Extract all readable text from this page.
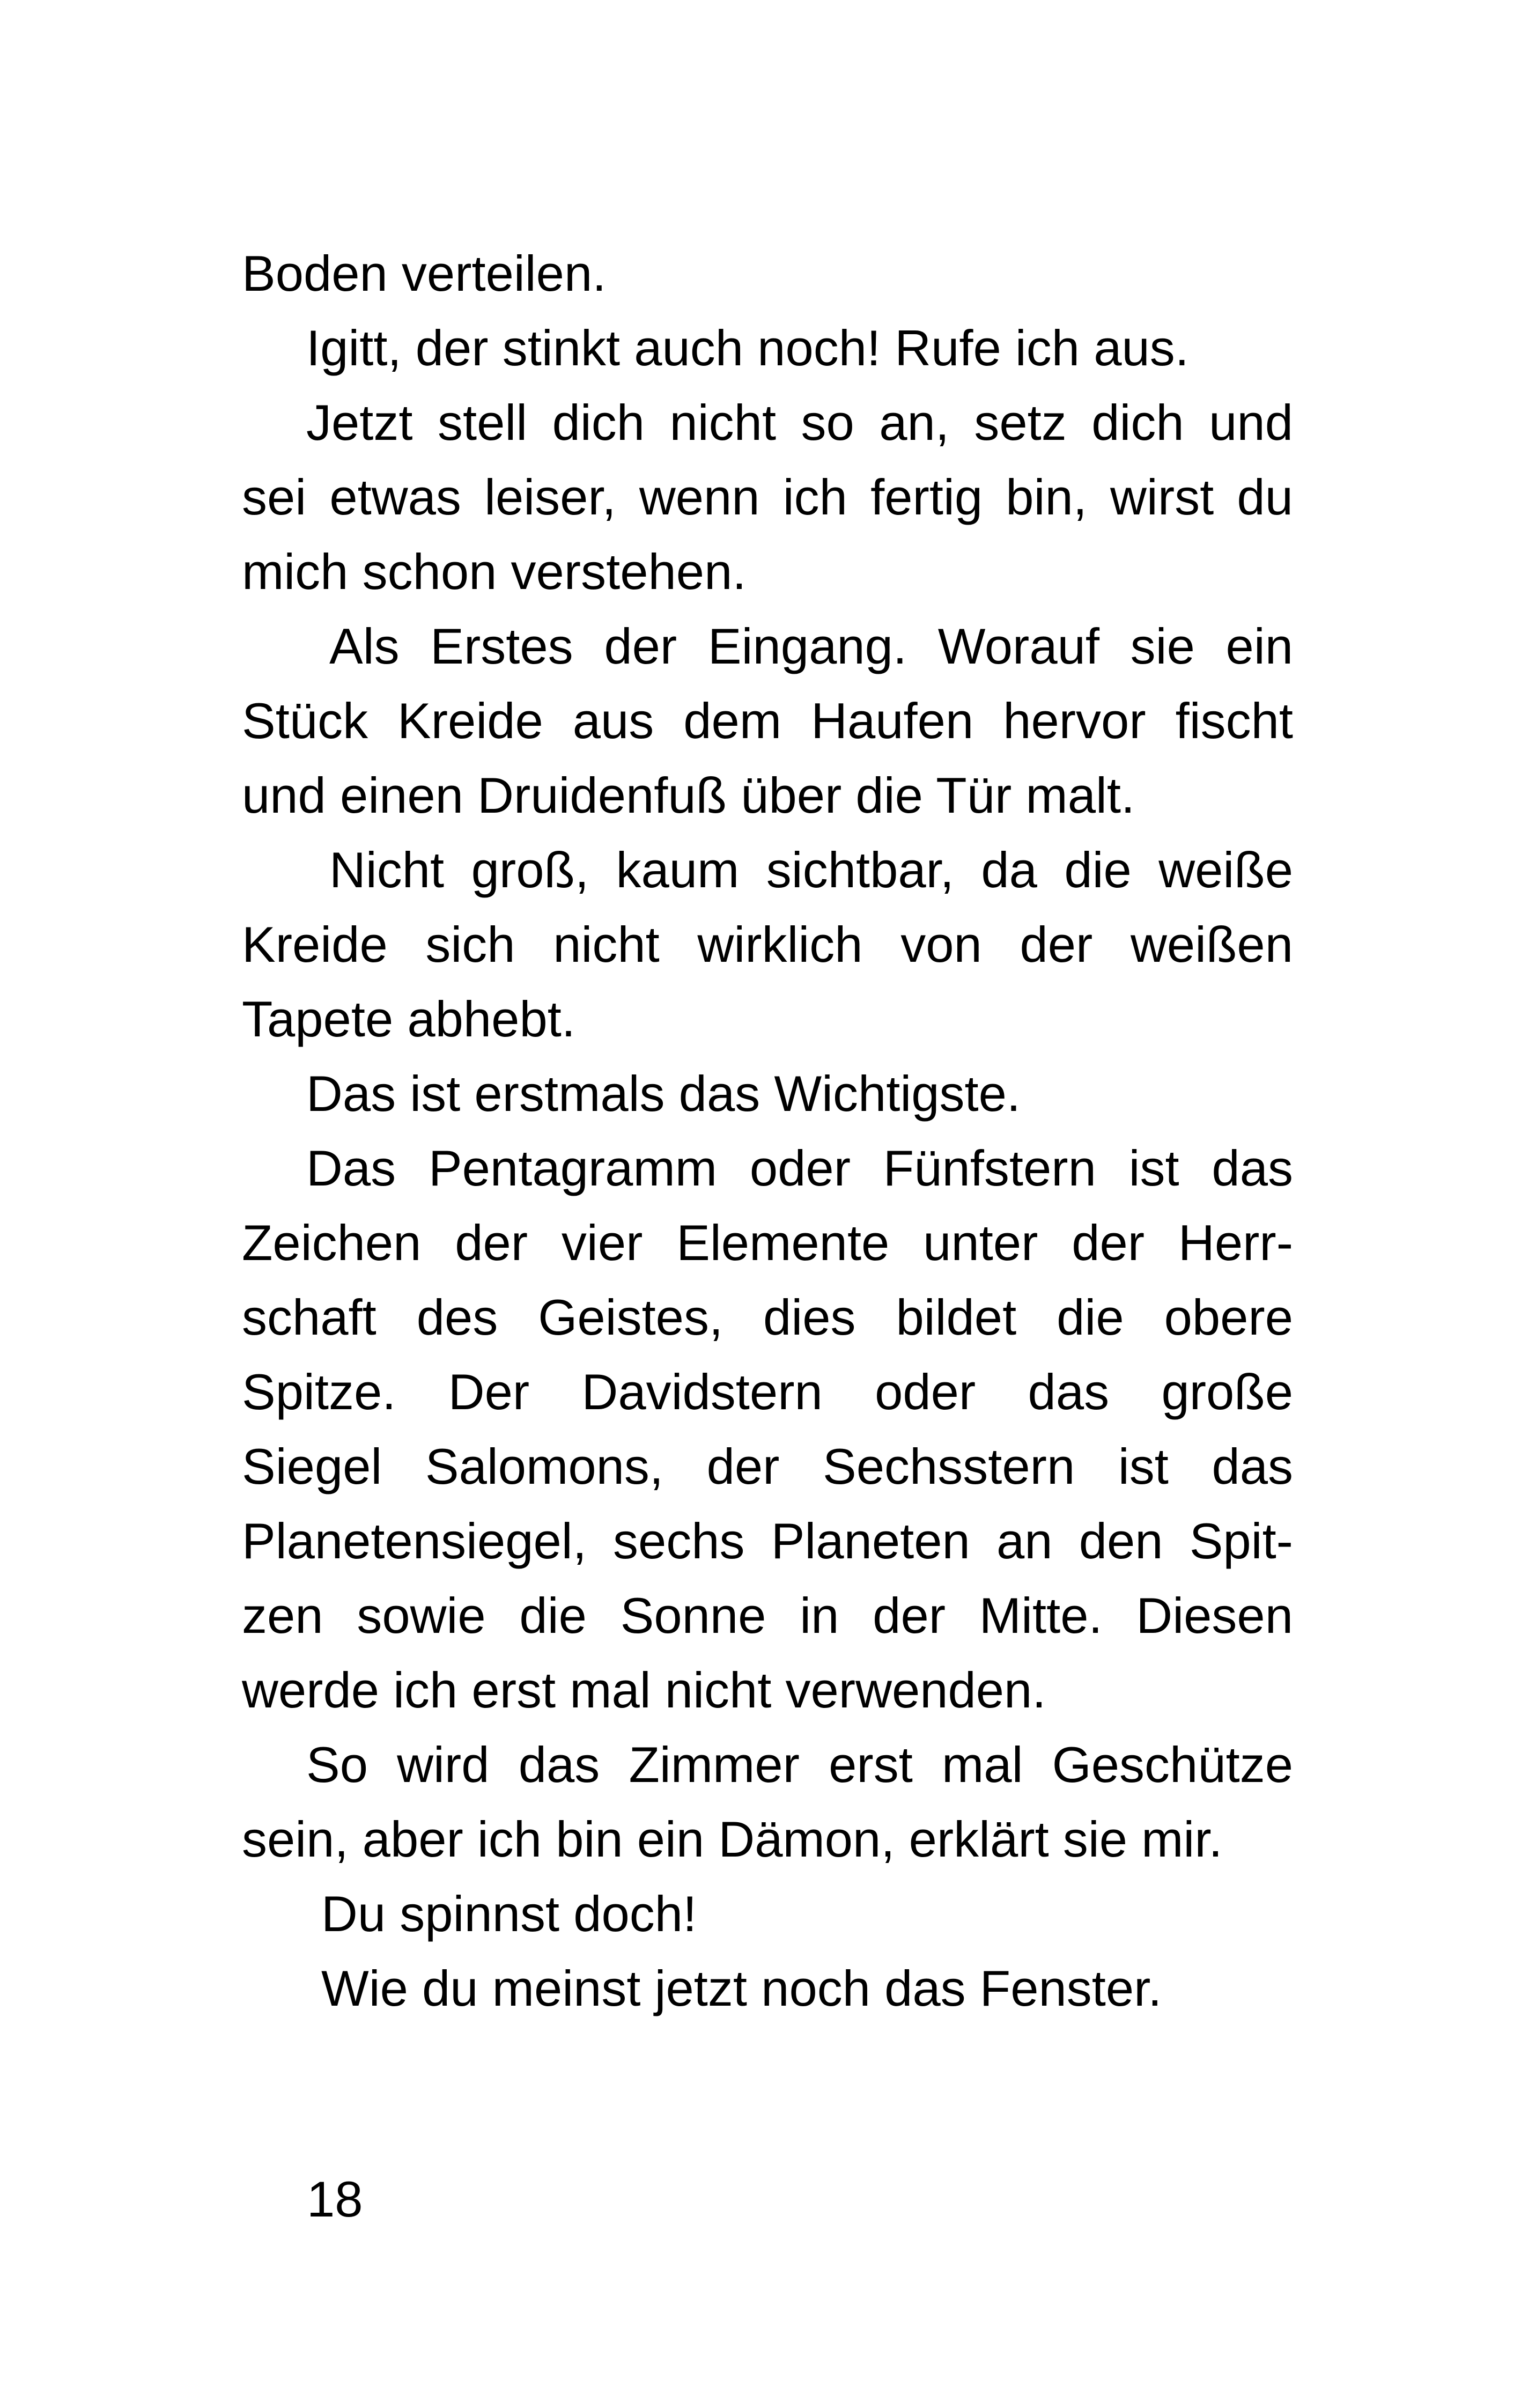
Boden verteilen.
Igitt, der stinkt auch noch! Rufe ich aus.
Jetzt stell dich nicht so an, setz dich und
sei etwas leiser, wenn ich fertig bin, wirst du
mich schon verstehen.
Als Erstes der Eingang. Worauf sie ein
Stück Kreide aus dem Haufen hervor fischt
und einen Druidenfuß über die Tür malt.
Nicht groß, kaum sichtbar, da die weiße
Kreide sich nicht wirklich von der weißen
Tapete abhebt.
Das ist erstmals das Wichtigste.
Das Pentagramm oder Fünfstern ist das
Zeichen der vier Elemente unter der Herr-
schaft des Geistes, dies bildet die obere
Spitze. Der Davidstern oder das große
Siegel Salomons, der Sechsstern ist das
Planetensiegel, sechs Planeten an den Spit-
zen sowie die Sonne in der Mitte. Diesen
werde ich erst mal nicht verwenden.
So wird das Zimmer erst mal Geschütze
sein, aber ich bin ein Dämon, erklärt sie mir.
Du spinnst doch!
Wie du meinst jetzt noch das Fenster.
18
